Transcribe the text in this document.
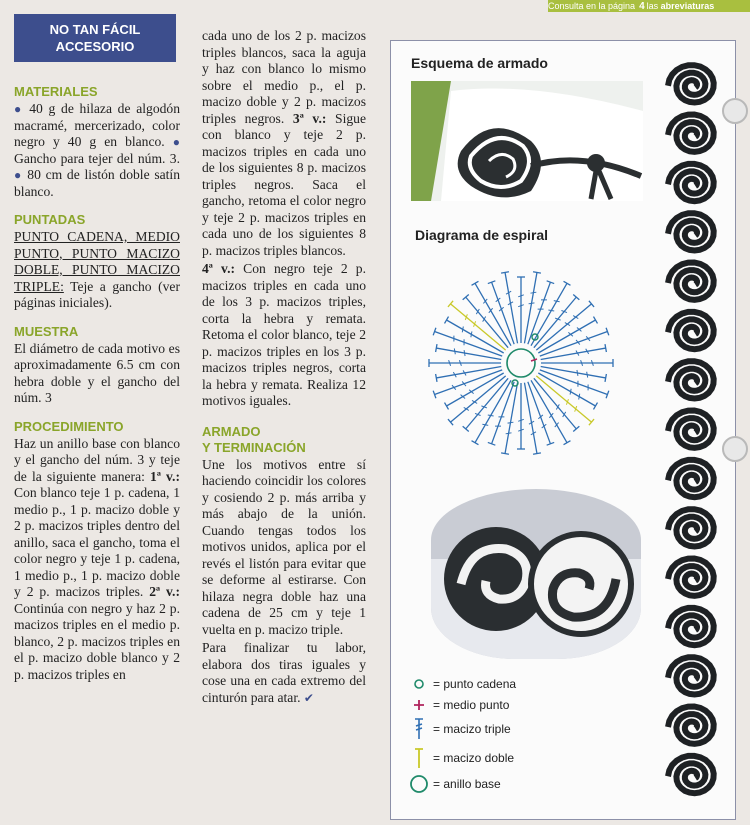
Consulta en la página 4 las abreviaturas
NO TAN FÁCIL
ACCESORIO
MATERIALES

● 40 g de hilaza de algodón macramé, mercerizado, color negro y 40 g en blanco. ● Gancho para tejer del núm. 3. ● 80 cm de listón doble satín blanco.

PUNTADAS

PUNTO CADENA, MEDIO PUNTO, PUNTO MACIZO DOBLE, PUNTO MACIZO TRIPLE: Teje a gancho (ver páginas iniciales).

MUESTRA

El diámetro de cada motivo es aproximadamente 6.5 cm con hebra doble y el gancho del núm. 3

PROCEDIMIENTO

Haz un anillo base con blanco y el gancho del núm. 3 y teje de la siguiente manera: 1ª v.: Con blanco teje 1 p. cadena, 1 medio p., 1 p. macizo doble y 2 p. macizos triples dentro del anillo, saca el gancho, toma el color negro y teje 1 p. cadena, 1 medio p., 1 p. macizo doble y 2 p. macizos triples. 2ª v.: Continúa con negro y haz 2 p. macizos triples en el medio p. blanco, 2 p. macizos triples en el p. macizo doble blanco y 2 p. macizos triples en

cada uno de los 2 p. macizos triples blancos, saca la aguja y haz con blanco lo mismo sobre el medio p., el p. macizo doble y 2 p. macizos triples negros. 3ª v.: Sigue con blanco y teje 2 p. macizos triples en cada uno de los siguientes 8 p. macizos triples negros. Saca el gancho, retoma el color negro y teje 2 p. macizos triples en cada uno de los siguientes 8 p. macizos triples blancos.

4ª v.: Con negro teje 2 p. macizos triples en cada uno de los 3 p. macizos triples, corta la hebra y remata. Retoma el color blanco, teje 2 p. macizos triples en los 3 p. macizos triples negros, corta la hebra y remata. Realiza 12 motivos iguales.

ARMADO
Y TERMINACIÓN

Une los motivos entre sí haciendo coincidir los colores y cosiendo 2 p. más arriba y más abajo de la unión. Cuando tengas todos los motivos unidos, aplica por el revés el listón para evitar que se deforme al estirarse. Con hilaza negra doble haz una cadena de 25 cm y teje 1 vuelta en p. macizo triple.

Para finalizar tu labor, elabora dos tiras iguales y cose una en cada extremo del cinturón para atar. ✔

Esquema de armado
Diagrama de espiral
= punto cadena
= medio punto
= macizo triple
= macizo doble
= anillo base
